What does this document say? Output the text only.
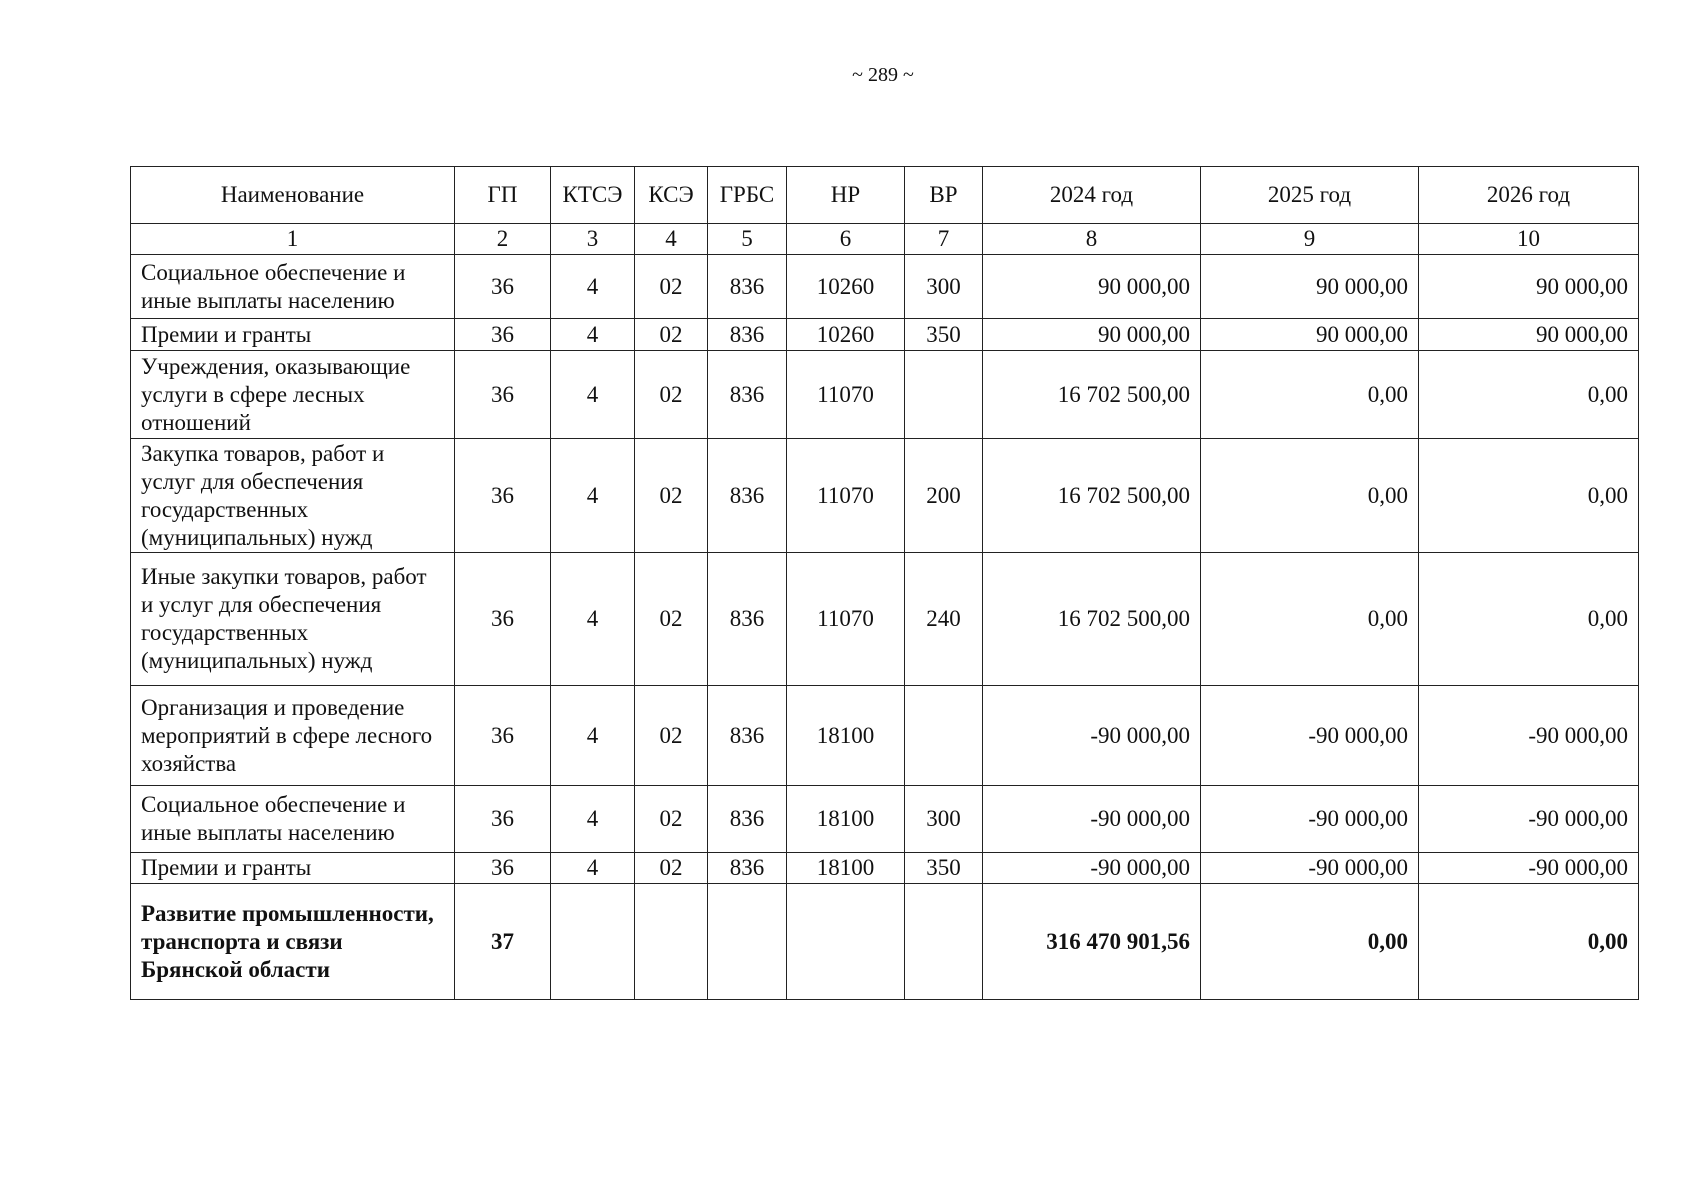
~ 289 ~
Наименование	ГП	КТСЭ	КСЭ	ГРБС	НР	ВР	2024 год	2025 год	2026 год
1	2	3	4	5	6	7	8	9	10
Социальное обеспечение и иные выплаты населению	36	4	02	836	10260	300	90 000,00	90 000,00	90 000,00
Премии и гранты	36	4	02	836	10260	350	90 000,00	90 000,00	90 000,00
Учреждения, оказывающие услуги в сфере лесных отношений	36	4	02	836	11070		16 702 500,00	0,00	0,00
Закупка товаров, работ и услуг для обеспечения государственных (муниципальных) нужд	36	4	02	836	11070	200	16 702 500,00	0,00	0,00
Иные закупки товаров, работ и услуг для обеспечения государственных (муниципальных) нужд	36	4	02	836	11070	240	16 702 500,00	0,00	0,00
Организация и проведение мероприятий в сфере лесного хозяйства	36	4	02	836	18100		-90 000,00	-90 000,00	-90 000,00
Социальное обеспечение и иные выплаты населению	36	4	02	836	18100	300	-90 000,00	-90 000,00	-90 000,00
Премии и гранты	36	4	02	836	18100	350	-90 000,00	-90 000,00	-90 000,00
Развитие промышленности, транспорта и связи Брянской области	37						316 470 901,56	0,00	0,00
